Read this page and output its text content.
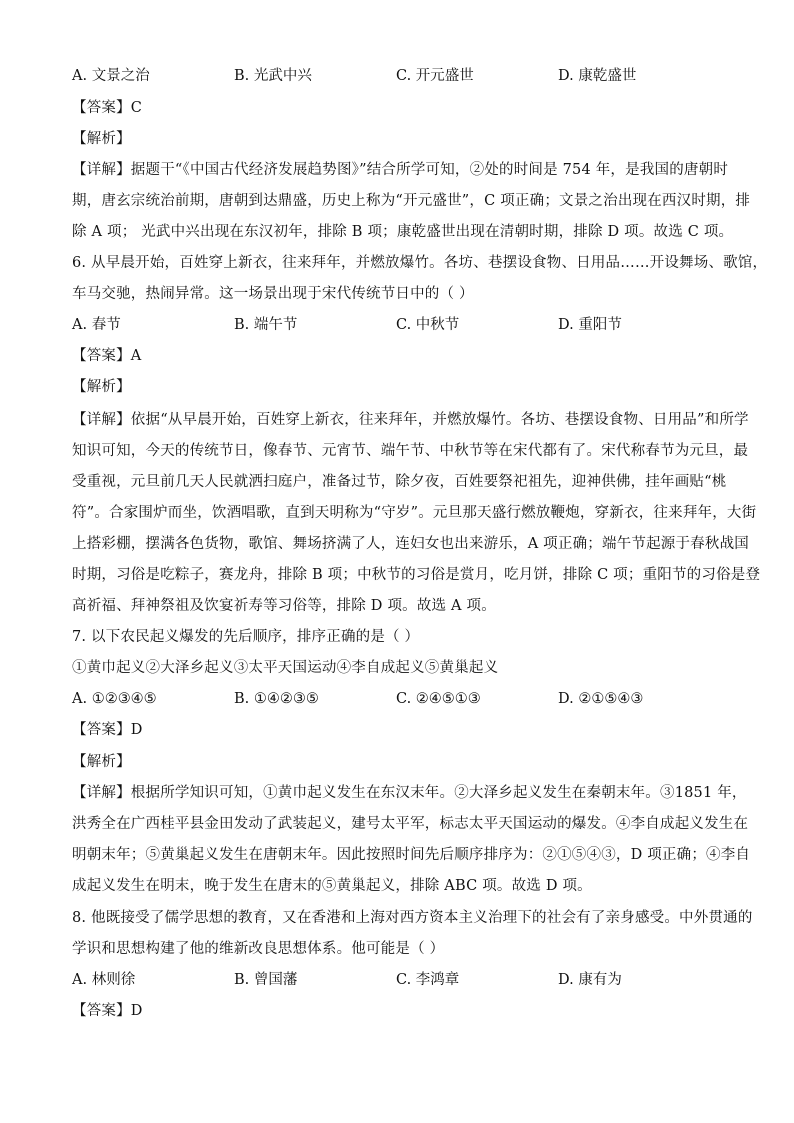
A. 文景之治	B. 光武中兴	C. 开元盛世	D. 康乾盛世
【答案】C
【解析】
【详解】据题干“《中国古代经济发展趋势图》”结合所学可知，②处的时间是 754 年，是我国的唐朝时
期，唐玄宗统治前期，唐朝到达鼎盛，历史上称为“开元盛世”，C 项正确；文景之治出现在西汉时期，排
除 A 项； 光武中兴出现在东汉初年，排除 B 项；康乾盛世出现在清朝时期，排除 D 项。故选 C 项。
6. 从早晨开始，百姓穿上新衣，往来拜年，并燃放爆竹。各坊、巷摆设食物、日用品……开设舞场、歌馆，
车马交驰，热闹异常。这一场景出现于宋代传统节日中的（ ）
A. 春节	B. 端午节	C. 中秋节	D. 重阳节
【答案】A
【解析】
【详解】依据“从早晨开始，百姓穿上新衣，往来拜年，并燃放爆竹。各坊、巷摆设食物、日用品”和所学
知识可知，今天的传统节日，像春节、元宵节、端午节、中秋节等在宋代都有了。宋代称春节为元旦，最
受重视，元旦前几天人民就洒扫庭户，准备过节，除夕夜，百姓要祭祀祖先，迎神供佛，挂年画贴“桃
符”。合家围炉而坐，饮酒唱歌，直到天明称为“守岁”。元旦那天盛行燃放鞭炮，穿新衣，往来拜年，大街
上搭彩棚，摆满各色货物，歌馆、舞场挤满了人，连妇女也出来游乐，A 项正确；端午节起源于春秋战国
时期，习俗是吃粽子，赛龙舟，排除 B 项；中秋节的习俗是赏月，吃月饼，排除 C 项；重阳节的习俗是登
高祈福、拜神祭祖及饮宴祈寿等习俗等，排除 D 项。故选 A 项。
7. 以下农民起义爆发的先后顺序，排序正确的是（ ）
①黄巾起义②大泽乡起义③太平天国运动④李自成起义⑤黄巢起义
A. ①②③④⑤	B. ①④②③⑤	C. ②④⑤①③	D. ②①⑤④③
【答案】D
【解析】
【详解】根据所学知识可知，①黄巾起义发生在东汉末年。②大泽乡起义发生在秦朝末年。③1851 年，
洪秀全在广西桂平县金田发动了武装起义，建号太平军，标志太平天国运动的爆发。④李自成起义发生在
明朝末年；⑤黄巢起义发生在唐朝末年。因此按照时间先后顺序排序为：②①⑤④③，D 项正确；④李自
成起义发生在明末，晚于发生在唐末的⑤黄巢起义，排除 ABC 项。故选 D 项。
8. 他既接受了儒学思想的教育，又在香港和上海对西方资本主义治理下的社会有了亲身感受。中外贯通的
学识和思想构建了他的维新改良思想体系。他可能是（ ）
A. 林则徐	B. 曾国藩	C. 李鸿章	D. 康有为
【答案】D
